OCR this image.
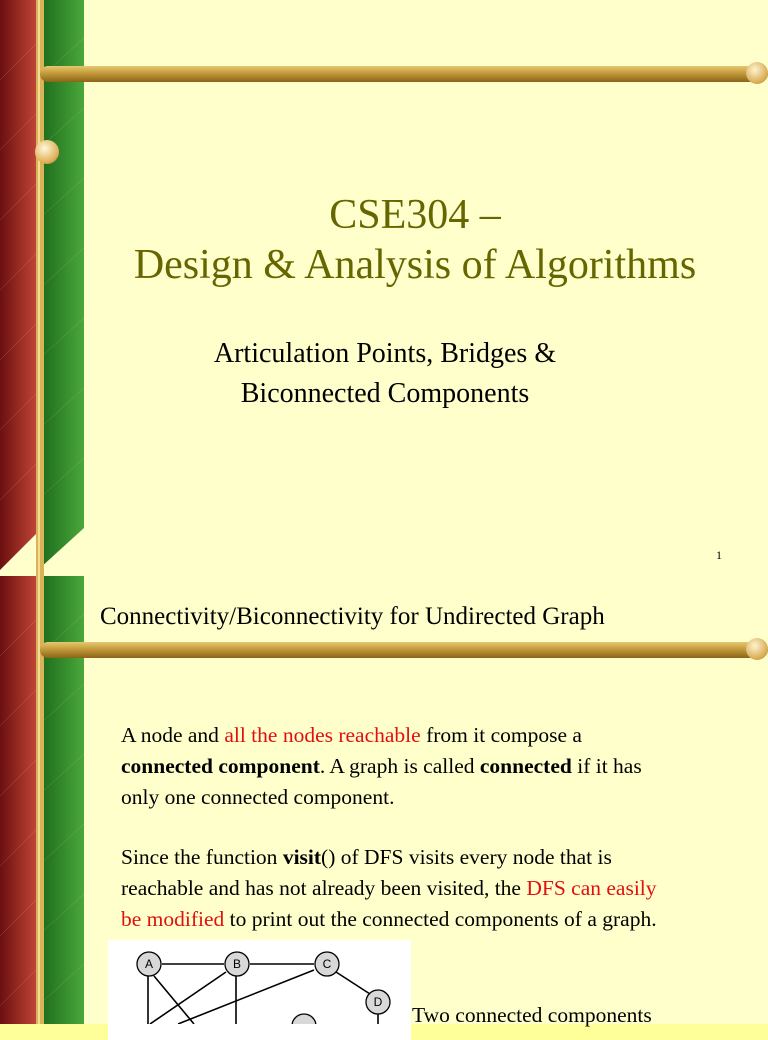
CSE304 –
Design & Analysis of Algorithms
Articulation Points, Bridges &
Biconnected Components
1
Connectivity/Biconnectivity for Undirected Graph
A node and all the nodes reachable from it compose a
connected component. A graph is called connected if it has
only one connected component.
Since the function visit() of DFS visits every node that is
reachable and has not already been visited, the DFS can easily
be modified to print out the connected components of a graph.
A	B	C
D
Two connected components
